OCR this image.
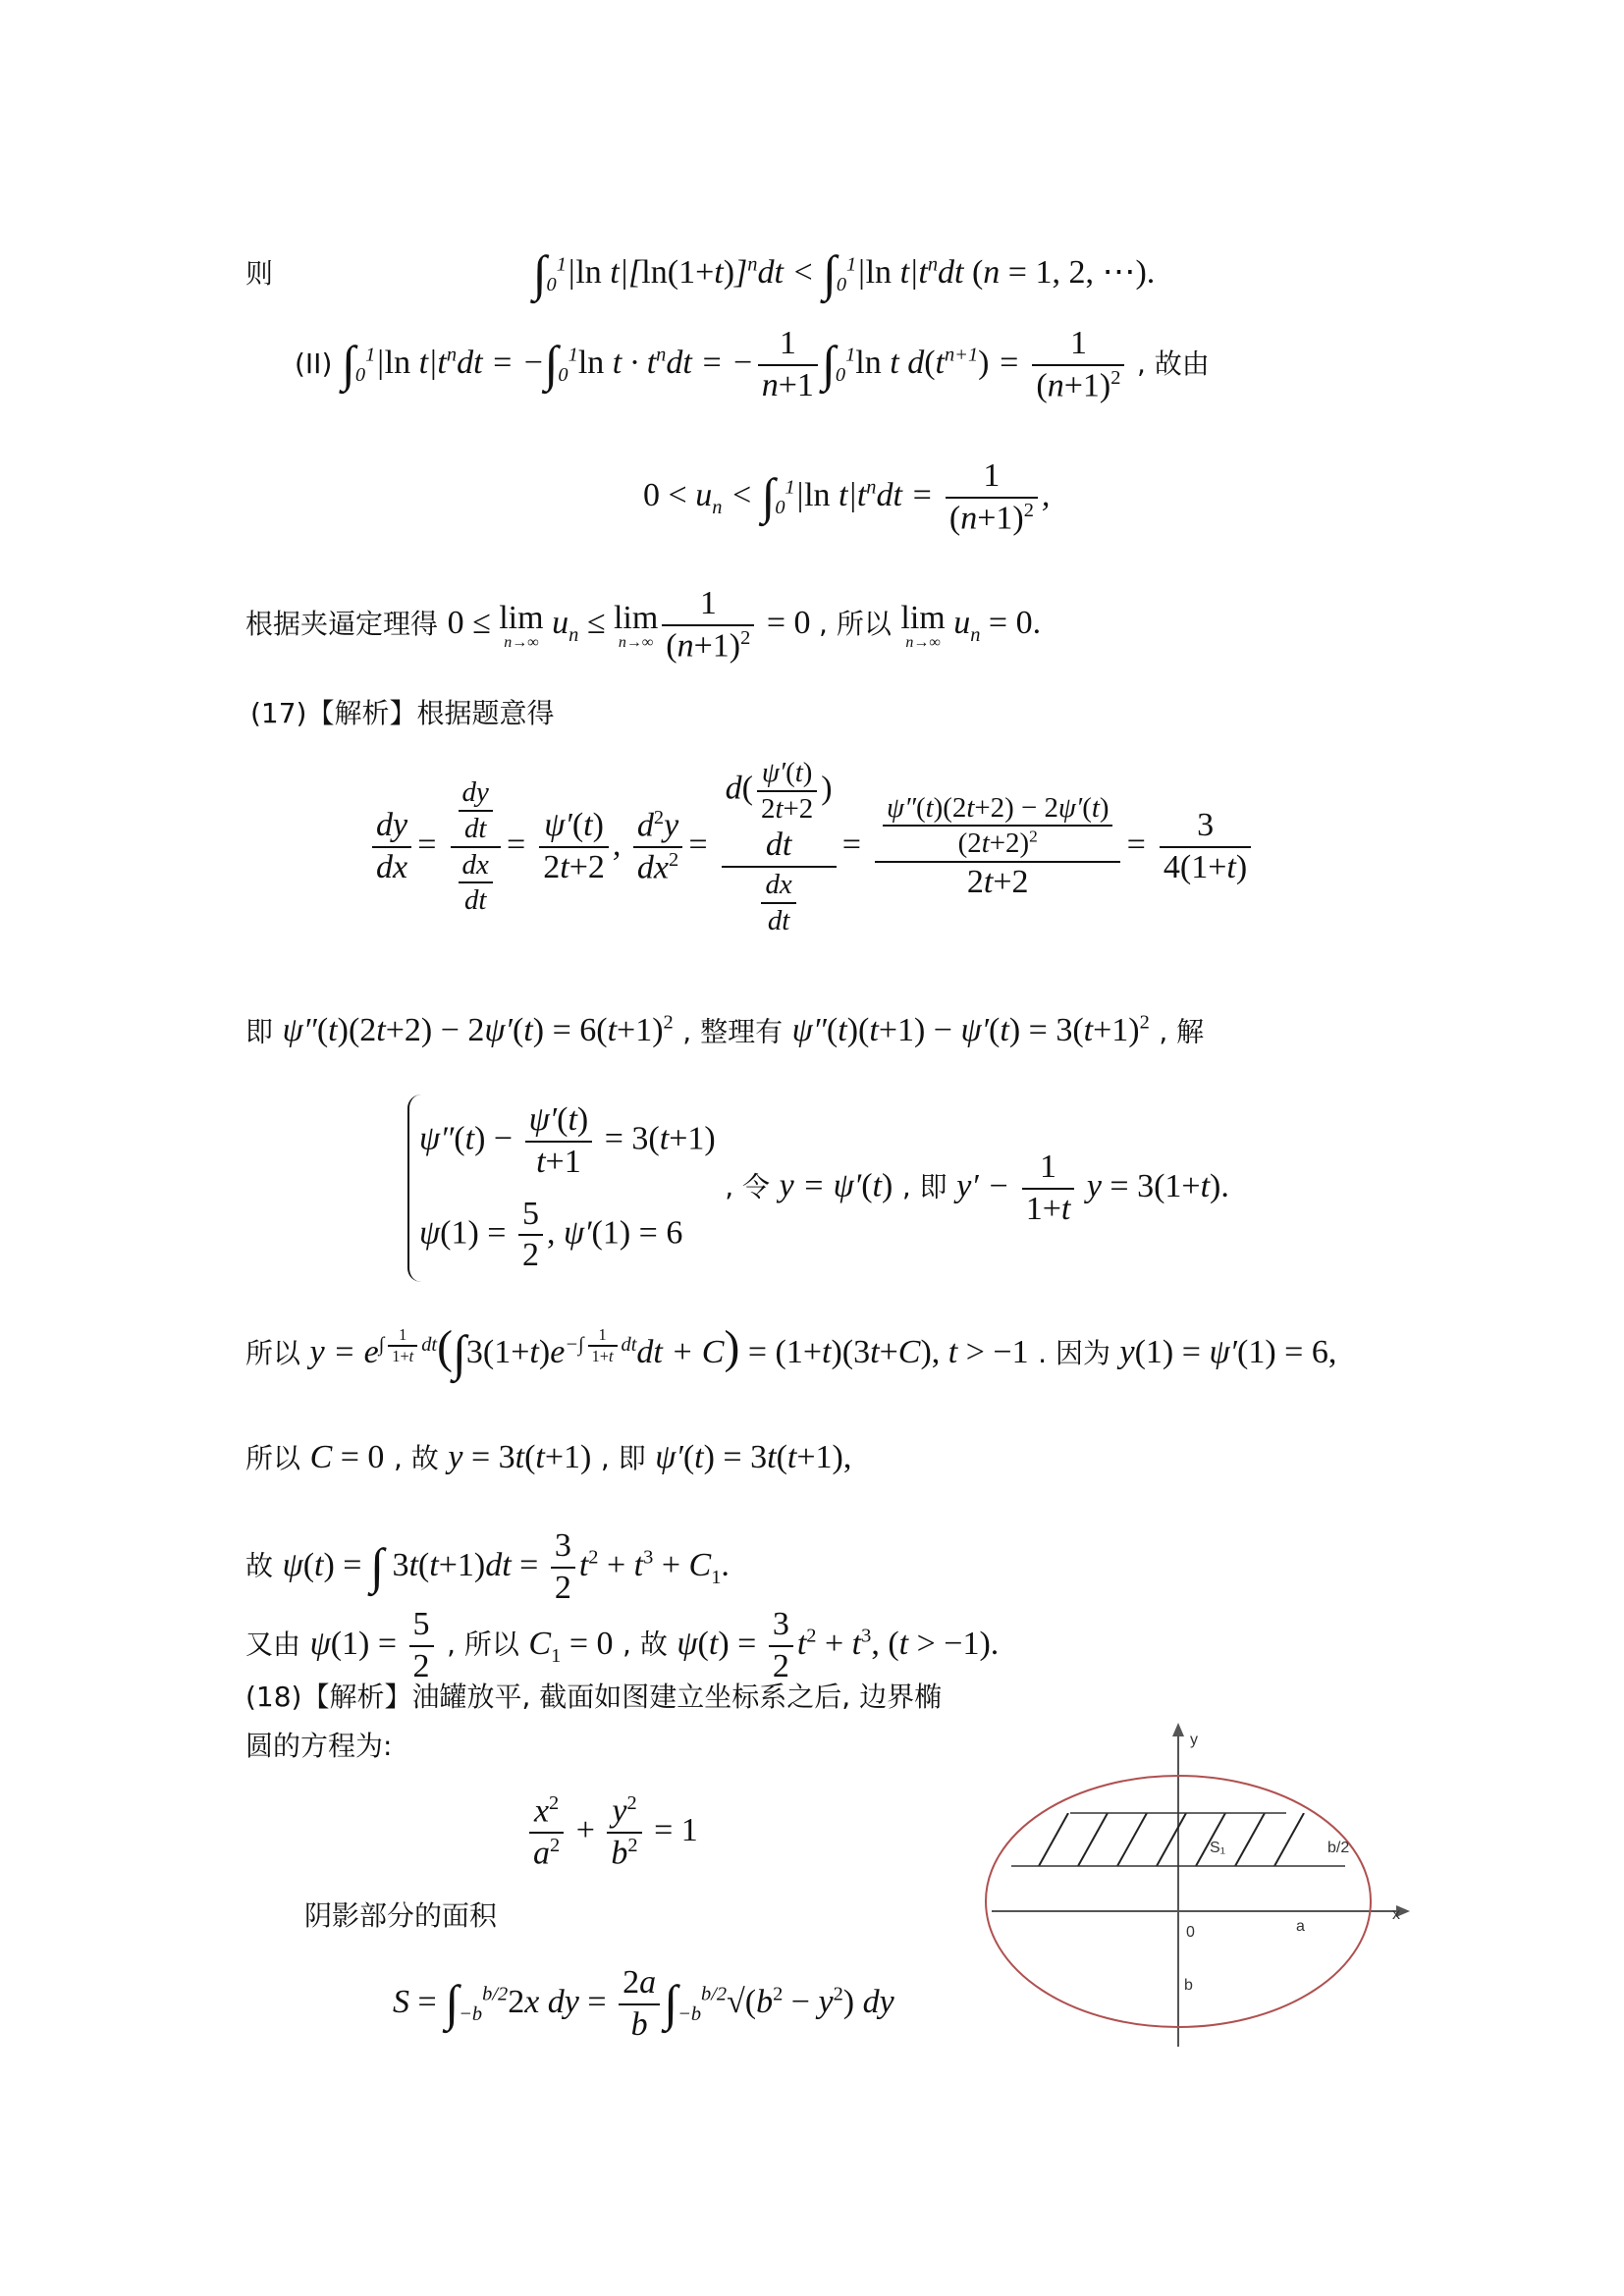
则	$\int_0^1|\ln$ $t|[\ln(1+t)]^ndt < \int_0^1|\ln$ $t|t^ndt$ (n = 1, 2, ⋯).
(II) $\int_0^1|\ln$ $t|t^ndt = -\int_0^1\ln$ $t \cdot t^ndt$ = − $\frac{1}{n+1} \int_0^1\ln$ t $d(t^{n+1}) = \frac{1}{(n+1)^2}$ , 故由
$0 < u_n < \int_0^1|\ln$ $t|t^ndt = \frac{1}{(n+1)^2}$ ,
根据夹逼定理得 0 ≤ lim
n→∞
$u_n \le \lim$
$n\to\infty \frac{1}{(n+1)^2} = 0$ , 所以 lim
n→∞
$u_n = 0$.
(17)【解析】根据题意得
$\frac{dy}{dx} = \frac{\frac{dy}{dt}}{\frac{dx}{dt}} = \frac{\psi'(t)}{2t+2}$ , $\frac{d^2y}{dx^2}$ =
$d( \frac{\psi'(t)}{2t+2}$ )
dt
$\frac{dx}{dt}$
= $\frac{\frac{\psi''(t)(2t+2) - 2\psi'(t)}{(2t+2)^2}}{2t+2} = \frac{3}{4(1+t)}$
即 $\psi''(t)(2t+2) - 2\psi'(t) = 6(t+1)^2$ , 整理有 $\psi''(t)(t+1) - \psi'(t) = 3(t+1)^2$ , 解
$\psi''(t) - \frac{\psi'(t)}{t+1} = 3(t+1)$
$\psi(1) = \frac{5}{2}$ , ψ′(1) = 6
, 令 y = ψ′(t) , 即 $y' - \frac{1}{1+t}$ y = 3(1+t).
所以 $y = e^{\int \frac{1}{1+t} dt}(\int 3(1+t)e^{-\int \frac{1}{1+t} dt}dt + C) = (1+t)(3t+C)$, t > −1 . 因为 y(1) = ψ′(1) = 6,
所以 C = 0 , 故 y = 3t(t+1) , 即 ψ′(t) = 3t(t+1),
故 ψ(t) = ∫ $3t(t+1)dt = \frac{3}{2} t^2 + t^3 + C_1$.
又由 $\psi(1) = \frac{5}{2}$ , 所以 $C_1 = 0$ , 故 $\psi(t) = \frac{3}{2} t^2 + t^3$, (t > −1).
(18)【解析】油罐放平, 截面如图建立坐标系之后, 边界椭
圆的方程为:
$\frac{x^2}{a^2} + \frac{y^2}{b^2} = 1$
阴影部分的面积
$S = \int_{-b}^{b/2}2x$ dy = $\frac{2a}{b} \int_{-b}^{b/2}√(b^2 - y^2)$ dy
y
x
S₁	b/2
0	a
b
